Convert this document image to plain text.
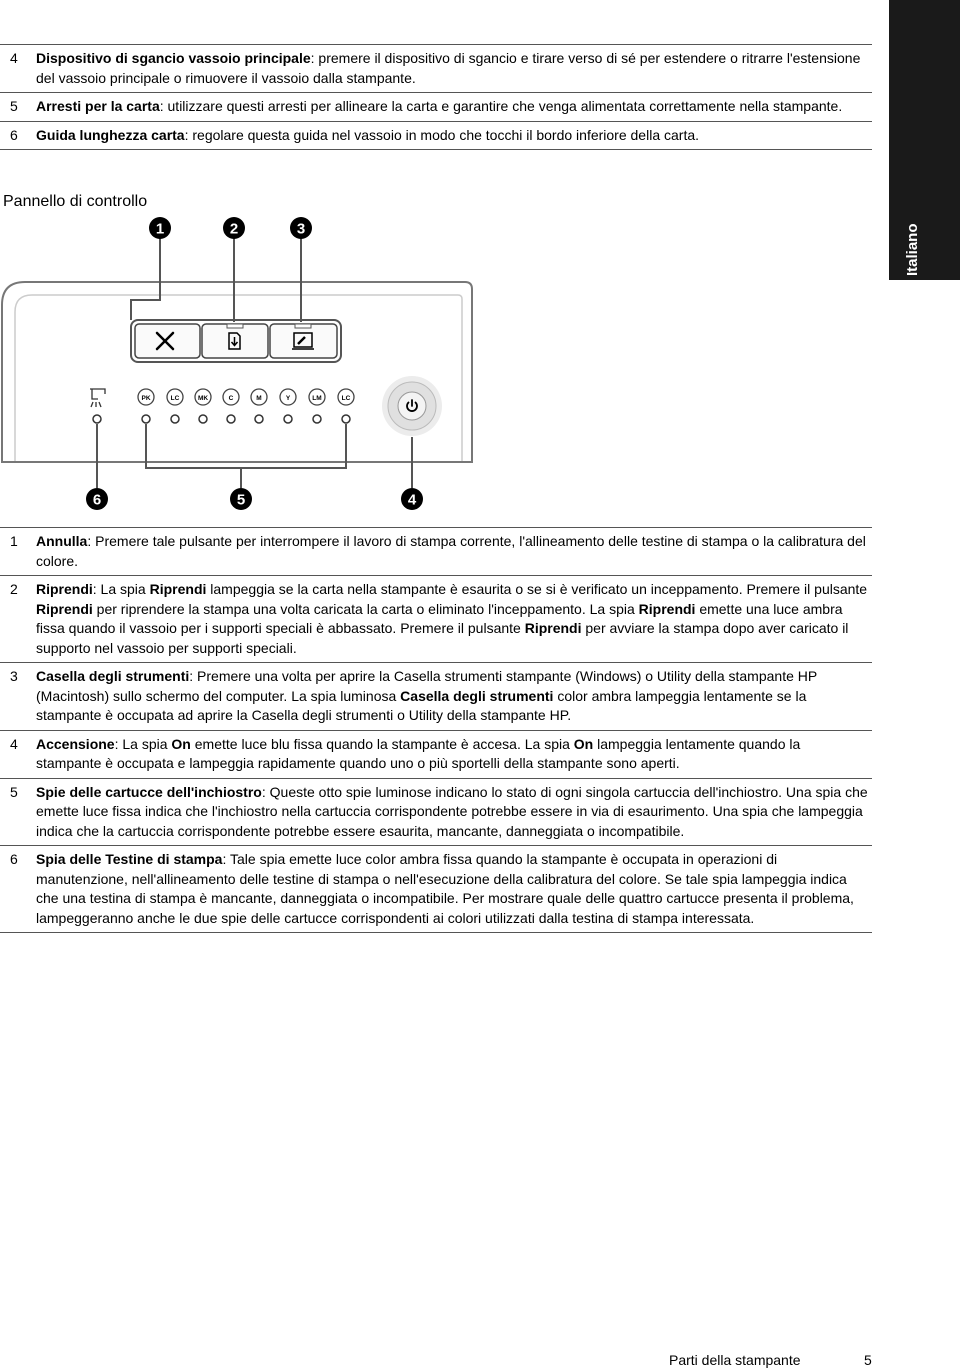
Italiano
4	Dispositivo di sgancio vassoio principale: premere il dispositivo di sgancio e tirare verso di sé per estendere o ritrarre l'estensione del vassoio principale o rimuovere il vassoio dalla stampante.
5	Arresti per la carta: utilizzare questi arresti per allineare la carta e garantire che venga alimentata correttamente nella stampante.
6	Guida lunghezza carta: regolare questa guida nel vassoio in modo che tocchi il bordo inferiore della carta.
Pannello di controllo
PK	LC	MK	C	M	Y	LM	LC
1	2	3
6	5	4
1	Annulla: Premere tale pulsante per interrompere il lavoro di stampa corrente, l'allineamento delle testine di stampa o la calibratura del colore.
2	Riprendi: La spia Riprendi lampeggia se la carta nella stampante è esaurita o se si è verificato un inceppamento. Premere il pulsante Riprendi per riprendere la stampa una volta caricata la carta o eliminato l'inceppamento. La spia Riprendi emette una luce ambra fissa quando il vassoio per i supporti speciali è abbassato. Premere il pulsante Riprendi per avviare la stampa dopo aver caricato il supporto nel vassoio per supporti speciali.
3	Casella degli strumenti: Premere una volta per aprire la Casella strumenti stampante (Windows) o Utility della stampante HP (Macintosh) sullo schermo del computer. La spia luminosa Casella degli strumenti color ambra lampeggia lentamente se la stampante è occupata ad aprire la Casella degli strumenti o Utility della stampante HP.
4	Accensione: La spia On emette luce blu fissa quando la stampante è accesa. La spia On lampeggia lentamente quando la stampante è occupata e lampeggia rapidamente quando uno o più sportelli della stampante sono aperti.
5	Spie delle cartucce dell'inchiostro: Queste otto spie luminose indicano lo stato di ogni singola cartuccia dell'inchiostro. Una spia che emette luce fissa indica che l'inchiostro nella cartuccia corrispondente potrebbe essere in via di esaurimento. Una spia che lampeggia indica che la cartuccia corrispondente potrebbe essere esaurita, mancante, danneggiata o incompatibile.
6	Spia delle Testine di stampa: Tale spia emette luce color ambra fissa quando la stampante è occupata in operazioni di manutenzione, nell'allineamento delle testine di stampa o nell'esecuzione della calibratura del colore. Se tale spia lampeggia indica che una testina di stampa è mancante, danneggiata o incompatibile. Per mostrare quale delle quattro cartucce presenta il problema, lampeggeranno anche le due spie delle cartucce corrispondenti ai colori utilizzati dalla testina di stampa interessata.
Parti della stampante	5
